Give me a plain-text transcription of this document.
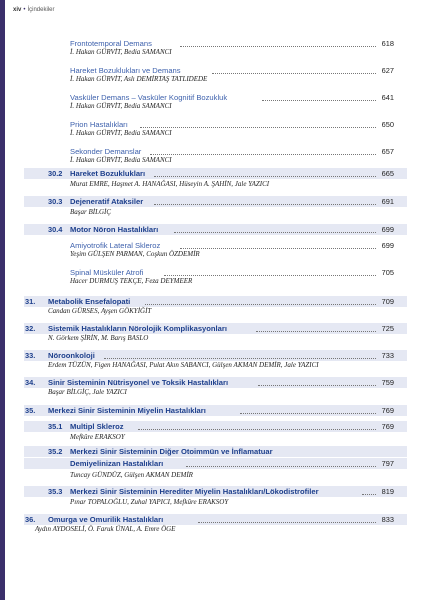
xiv • İçindekiler
Frontotemporal Demans	618
İ. Hakan GÜRVİT, Bedia SAMANCI
Hareket Bozuklukları ve Demans	627
İ. Hakan GÜRVİT, Aslı DEMİRTAŞ TATLIDEDE
Vasküler Demans – Vasküler Kognitif Bozukluk	641
İ. Hakan GÜRVİT, Bedia SAMANCI
Prion Hastalıkları	650
İ. Hakan GÜRVİT, Bedia SAMANCI
Sekonder Demanslar	657
İ. Hakan GÜRVİT, Bedia SAMANCI
30.2 Hareket Bozuklukları	665
Murat EMRE, Haşmet A. HANAĞASI, Hüseyin A. ŞAHİN, Jale YAZICI
30.3 Dejeneratif Ataksiler	691
Başar BİLGİÇ
30.4 Motor Nöron Hastalıkları	699
Amiyotrofik Lateral Skleroz	699
Yeşim GÜLŞEN PARMAN, Coşkun ÖZDEMİR
Spinal Müsküler Atrofi	705
Hacer DURMUŞ TEKÇE, Feza DEYMEER
31. Metabolik Ensefalopati	709
Candan GÜRSES, Ayşen GÖKYİĞİT
32. Sistemik Hastalıkların Nörolojik Komplikasyonları	725
N. Görkem ŞİRİN, M. Barış BASLO
33. Nöroonkoloji	733
Erdem TÜZÜN, Figen HANAĞASI, Pulat Akın SABANCI, Gülşen AKMAN DEMİR, Jale YAZICI
34. Sinir Sisteminin Nütrisyonel ve Toksik Hastalıkları	759
Başar BİLGİÇ, Jale YAZICI
35. Merkezi Sinir Sisteminin Miyelin Hastalıkları	769
35.1 Multipl Skleroz	769
Mefkûre ERAKSOY
35.2 Merkezi Sinir Sisteminin Diğer Otoimmün ve İnflamatuar
Demiyelinizan Hastalıkları	797
Tuncay GÜNDÜZ, Gülşen AKMAN DEMİR
35.3 Merkezi Sinir Sisteminin Herediter Miyelin Hastalıkları/Lökodistrofiler	819
Pınar TOPALOĞLU, Zuhal YAPICI, Mefkûre ERAKSOY
36. Omurga ve Omurilik Hastalıkları	833
Aydın AYDOSELİ, Ö. Faruk ÜNAL, A. Emre ÖGE
